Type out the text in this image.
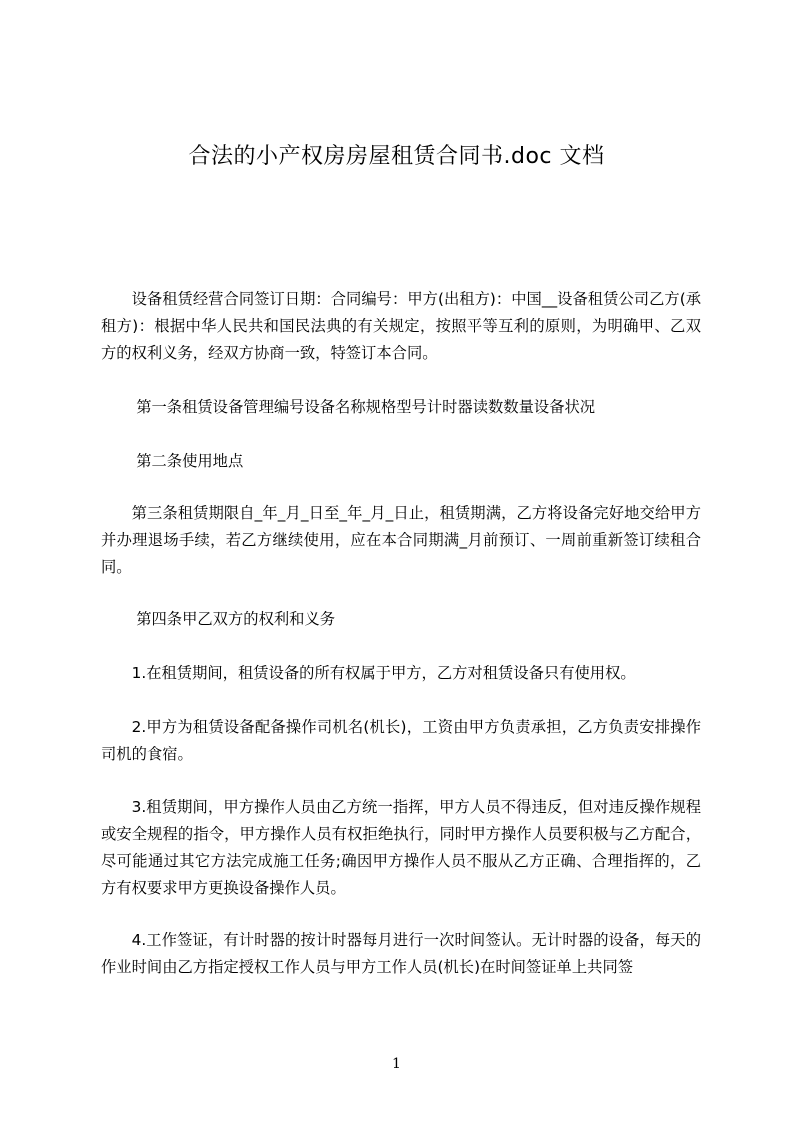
合法的小产权房房屋租赁合同书.doc 文档

设备租赁经营合同签订日期：合同编号：甲方(出租方)：中国__设备租赁公司乙方(承租方)：根据中华人民共和国民法典的有关规定，按照平等互利的原则，为明确甲、乙双方的权利义务，经双方协商一致，特签订本合同。

第一条租赁设备管理编号设备名称规格型号计时器读数数量设备状况

第二条使用地点

第三条租赁期限自_年_月_日至_年_月_日止，租赁期满，乙方将设备完好地交给甲方并办理退场手续，若乙方继续使用，应在本合同期满_月前预订、一周前重新签订续租合同。

第四条甲乙双方的权利和义务

1.在租赁期间，租赁设备的所有权属于甲方，乙方对租赁设备只有使用权。

2.甲方为租赁设备配备操作司机名(机长)，工资由甲方负责承担，乙方负责安排操作司机的食宿。

3.租赁期间，甲方操作人员由乙方统一指挥，甲方人员不得违反，但对违反操作规程或安全规程的指令，甲方操作人员有权拒绝执行，同时甲方操作人员要积极与乙方配合，尽可能通过其它方法完成施工任务;确因甲方操作人员不服从乙方正确、合理指挥的，乙方有权要求甲方更换设备操作人员。

4.工作签证，有计时器的按计时器每月进行一次时间签认。无计时器的设备，每天的作业时间由乙方指定授权工作人员与甲方工作人员(机长)在时间签证单上共同签

1
